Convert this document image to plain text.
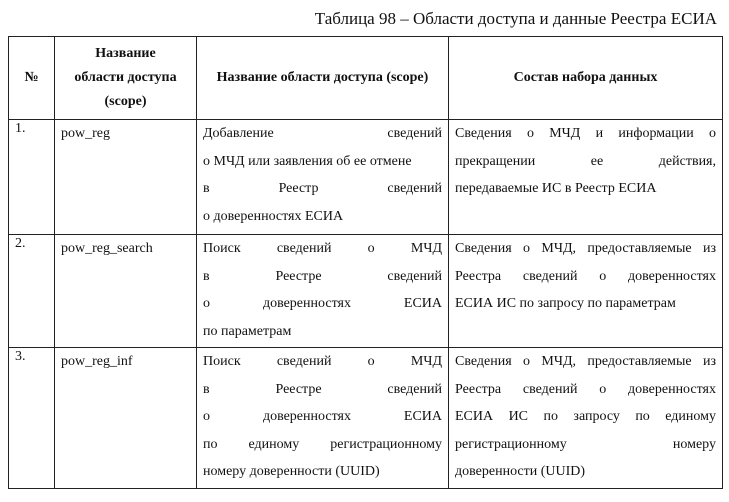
Таблица 98 – Области доступа и данные Реестра ЕСИА
№	Название
области доступа
(scope)	Название области доступа (scope)	Состав набора данных
1.	pow_reg	Добавление сведений
о МЧД или заявления об ее отмене
в Реестр сведений
о доверенностях ЕСИА	Сведения о МЧД и информации о
прекращении ее действия,
передаваемые ИС в Реестр ЕСИА

2.	pow_reg_search	Поиск сведений о МЧД
в Реестре сведений
о доверенностях ЕСИА
по параметрам	Сведения о МЧД, предоставляемые из
Реестра сведений о доверенностях
ЕСИА ИС по запросу по параметрам

3.	pow_reg_inf	Поиск сведений о МЧД
в Реестре сведений
о доверенностях ЕСИА
по единому регистрационному
номеру доверенности (UUID)	Сведения о МЧД, предоставляемые из
Реестра сведений о доверенностях
ЕСИА ИС по запросу по единому
регистрационному номеру
доверенности (UUID)
